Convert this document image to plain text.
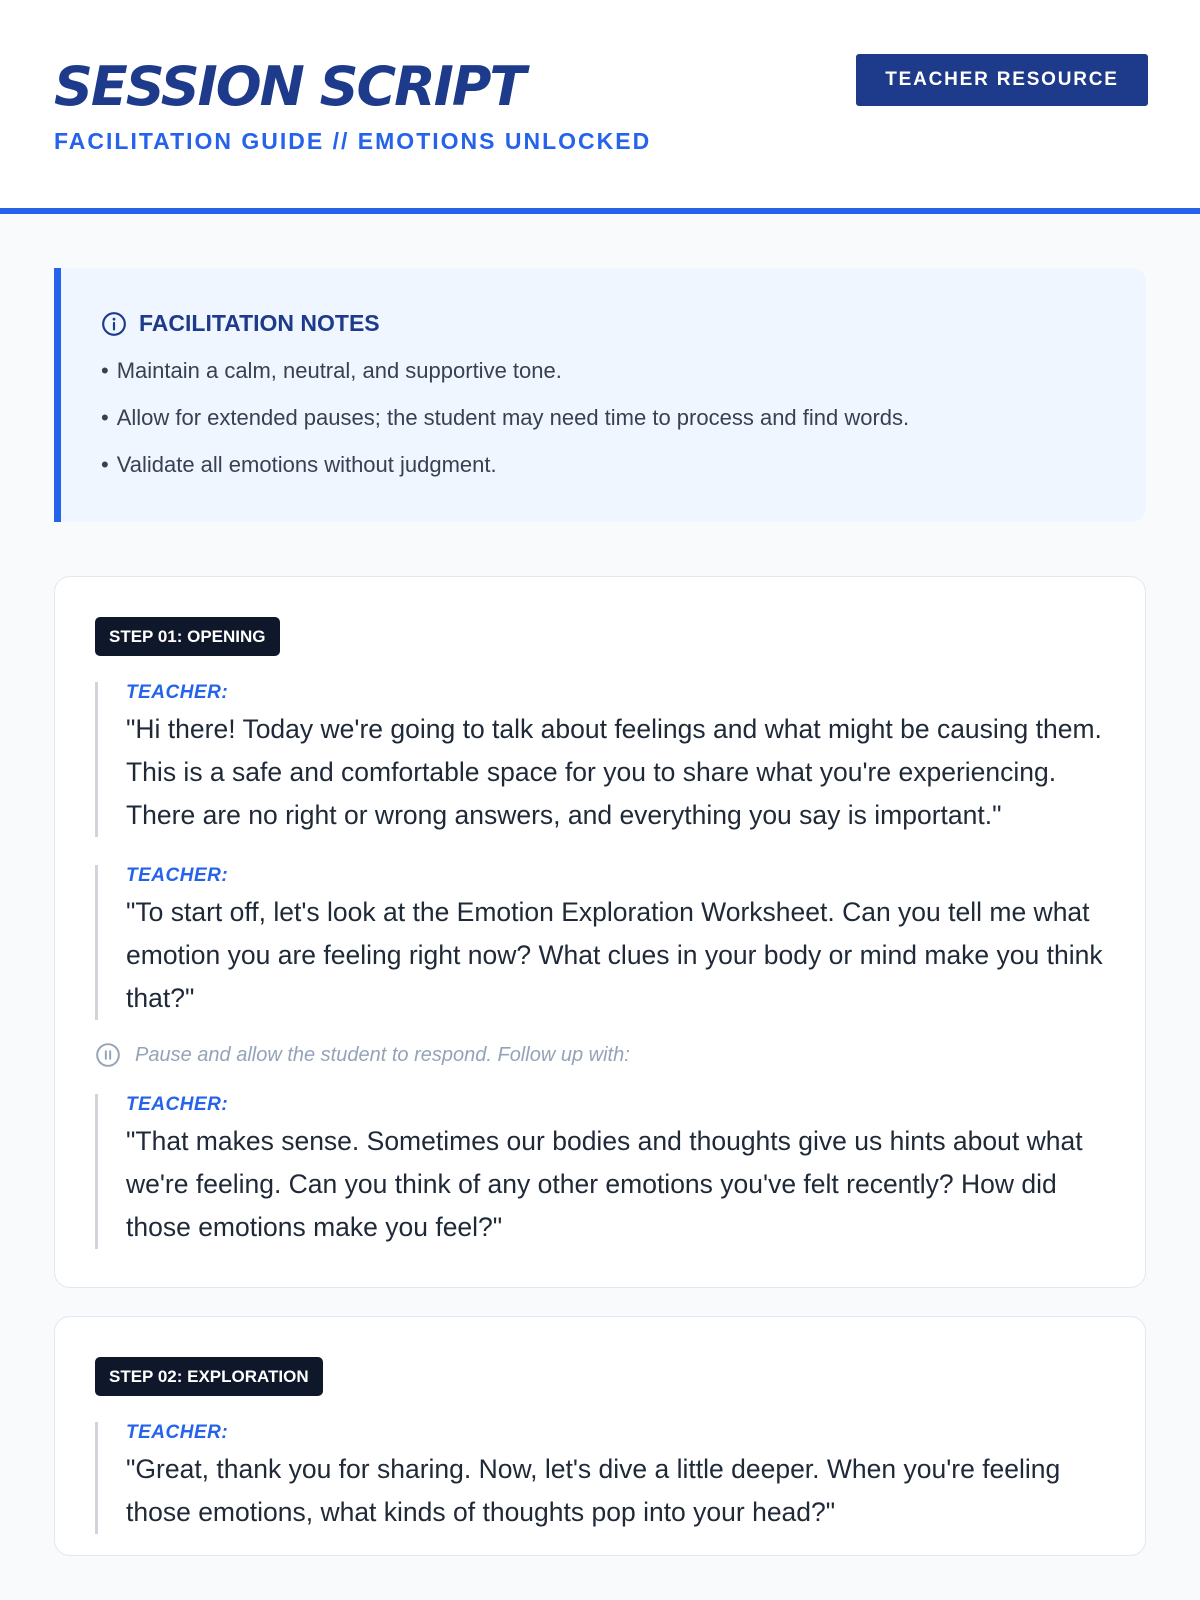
SESSION SCRIPT
FACILITATION GUIDE // EMOTIONS UNLOCKED
TEACHER RESOURCE
FACILITATION NOTES
• Maintain a calm, neutral, and supportive tone.
• Allow for extended pauses; the student may need time to process and find words.
• Validate all emotions without judgment.
STEP 01: OPENING
TEACHER:
"Hi there! Today we're going to talk about feelings and what might be causing them. This is a safe and comfortable space for you to share what you're experiencing. There are no right or wrong answers, and everything you say is important."
TEACHER:
"To start off, let's look at the Emotion Exploration Worksheet. Can you tell me what emotion you are feeling right now? What clues in your body or mind make you think that?"
Pause and allow the student to respond. Follow up with:
TEACHER:
"That makes sense. Sometimes our bodies and thoughts give us hints about what we're feeling. Can you think of any other emotions you've felt recently? How did those emotions make you feel?"
STEP 02: EXPLORATION
TEACHER:
"Great, thank you for sharing. Now, let's dive a little deeper. When you're feeling those emotions, what kinds of thoughts pop into your head?"
